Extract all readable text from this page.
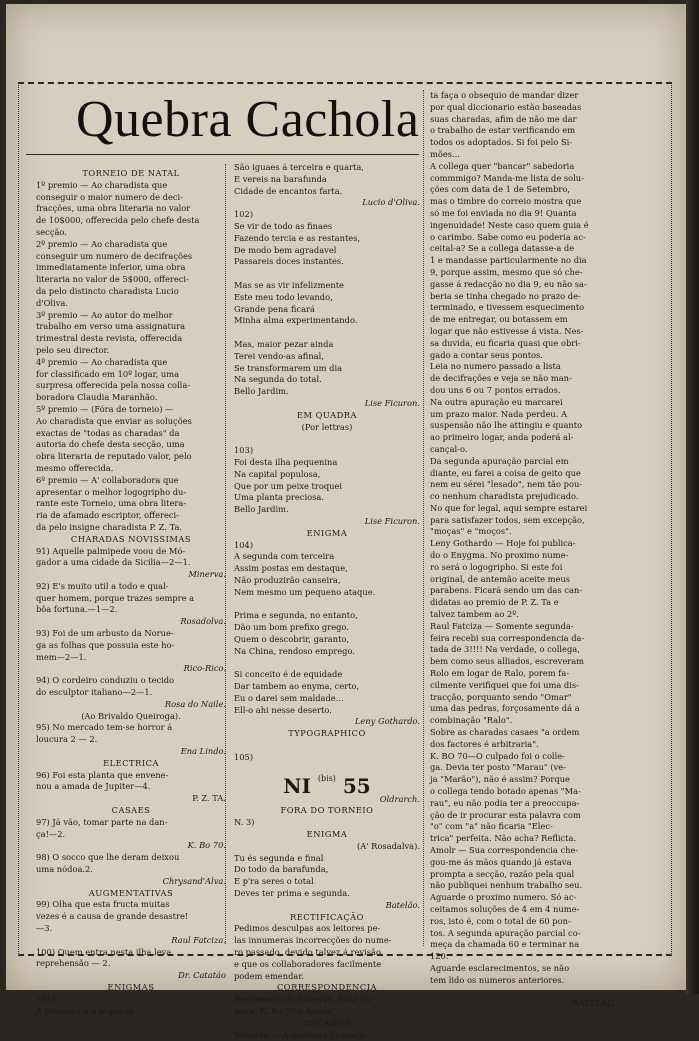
Quebra Cachola
TORNEIO DE NATAL
1º premio — Ao charadista que
conseguir o maior numero de deci-
fracções, uma obra literaria no valor
de 10$000, offerecida pelo chefe desta
secção.
2º premio — Ao charadista que
conseguir um numero de decifrações
immediatamente inferior, uma obra
literaria no valor de 5$000, offereci-
da pelo distincto charadista Lucio
d'Oliva.
3º premio — Ao autor do melhor
trabalho em verso uma assignatura
trimestral desta revista, offerecida
pelo seu director.
4º premio — Ao charadista que
for classificado em 10º logar, uma
surpresa offerecida pela nossa colla-
boradora Claudia Maranhão.
5º premio — (Fóra de torneio) —
Ao charadista que enviar as soluções
exactas de "todas as charadas" da
autoria do chefe desta secção, uma
obra literaria de reputado valor, pelo
mesmo offerecida.
6º premio — A' collaboradora que
apresentar o melhor logogripho du-
rante este Torneio, uma obra litera-
ria de afamado escriptor, offereci-
da pelo insigne charadista P. Z. Ta.
CHARADAS NOVISSIMAS
91) Aquelle palmipede voou de Mó-
gador a uma cidade da Sicilia—2—1.
Minerva.
92) E's muito util a todo e qual-
quer homem, porque trazes sempre a
bôa fortuna.—1—2.
Rosadolva.
93) Foi de um arbusto da Norue-
ga as folhas que possuia este ho-
mem—2—1.
Rico-Rico.
94) O cordeiro conduziu o tecido
do esculptor italiano—2—1.
Rosa do Naile.
(Ao Brivaldo Queiroga).
95) No mercado tem-se horror á
loucura 2 — 2.
Ena Lindo.
ELECTRICA
96) Foi esta planta que envene-
nou a amada de Jupiter—4.
P. Z. TA.
CASAES
97) Já vão, tomar parte na dan-
ça!—2.
K. Bo 70.
98) O socco que lhe deram deixou
uma nódoa.2.
Chrysand'Alva.
AUGMENTATIVAS
99) Olha que esta fructa muitas
vezes é a causa de grande desastre!
—3.
Raul Fatciza.
100) Quem entra nesta ilha leva
reprehensão — 2.
Dr. Catatáo
ENIGMAS
101)
A primeira e a segunda
São iguaes á terceira e quarta,
E vereis na barafunda
Cidade de encantos farta.
Lucio d'Oliva.
102)
Se vir de todo as finaes
Fazendo tercia e as restantes,
De modo bem agradavel
Passareis doces instantes.
Mas se as vir infelizmente
Este meu todo levando,
Grande pena ficará
Minha alma experimentando.
Mas, maior pezar ainda
Terei vendo-as afinal,
Se transformarem um dia
Na segunda do total.
Bello Jardim.
Lise Ficuron.
EM QUADRA
(Por lettras)
103)
Foi desta ilha pequenina
Na capital populosa,
Que por um peixe troquei
Uma planta preciosa.
Bello Jardim.
Lise Ficuron.
ENIGMA
104)
A segunda com terceira
Assim postas em destaque,
Não produzirão canseira,
Nem mesmo um pequeno ataque.
Prima e segunda, no entanto,
Dão um bom prefixo grego.
Quem o descobrir, garanto,
Na China, rendoso emprego.
Si conceito é de equidade
Dar tambem ao enyma, certo,
Eu o darei sem maldade...
Ell-o ahi nesse deserto.
Leny Gothardo.
TYPOGRAPHICO
105)
NI $^{(bis)}$ 55
Oldrarch.
FORA DO TORNEIO
N. 3)
ENIGMA
(A' Rosadalva).
Tu és segunda e final
Do todo da barafunda,
E p'ra seres o total
Deves ter prima e segunda.
Batelão.
RECTIFICAÇÃO
Pedimos desculpas aos leitores pe-
las innumeras incorrecções do nume-
ro passado, devido talvez á revisão,
e que os collaboradores facilmente
podem emendar.
CORRESPONDENCIA
Recebemos de Minerva, Raul Fa-
teixa, K. Bo 70 e Amolr.
RECADOS
Minerva — A distincta charadis-
ta faça o obsequio de mandar dizer
por qual diccionario estão baseadas
suas charadas, afim de não me dar
o trabalho de estar verificando em
todos os adoptados. Si foi pelo Si-
mões...
A collega quer "bancar" sabedoria
commmigo? Manda-me lista de solu-
ções com data de 1 de Setembro,
mas o timbre do correio mostra que
só me foi enviada no dia 9! Quanta
ingenuidade! Neste caso quem guia é
o carimbo. Sabe como eu poderia ac-
ceital-a? Se a collega datasse-a de
1 e mandasse particularmente no dia
9, porque assim, mesmo que só che-
gasse á redacção no dia 9, eu não sa-
beria se tinha chegado no prazo de-
terminado, e tivessem esquecimento
de me entregar, ou botassem em
logar que não estivesse á vista. Nes-
sa duvida, eu ficaria quasi que obri-
gado a contar seus pontos.
Leia no numero passado a lista
de decifrações e veja se não man-
dou uns 6 ou 7 pontos errados.
Na outra apuração eu marcarei
um prazo maior. Nada perdeu. A
suspensão não lhe attingiu e quanto
ao primeiro logar, anda poderá al-
cançal-o.
Da segunda apuração parcial em
diante, eu farei a coisa de geito que
nem eu sérei "lesado", nem tão pou-
co nenhum charadista prejudicado.
No que for legal, aqui sempre estarei
para satisfazer todos, sem excepção,
"moças" e "moços".
Leny Gothardo — Hoje foi publica-
do o Enygma. No proximo nume-
ro será o logogripho. Si este foi
original, de antemão aceite meus
parabens. Ficará sendo um das can-
didatas ao premio de P. Z. Ta e
talvez tambem ao 2º.
Raul Fatciza — Somente segunda-
feira recebi sua correspondencia da-
tada de 3!!!! Na verdade, o collega,
bem como seus alliados, escreveram
Rolo em logar de Ralo, porem fa-
cilmente verifiquei que foi uma dis-
tracção, porquanto sendo "Omar"
uma das pedras, forçosamente dá a
combinação "Ralo".
Sobre as charadas casaes "a ordem
dos factores é arbitraria".
K. BO 70—O culpado foi o colle-
ga. Devia ter posto "Marau" (ve-
ja "Marão"), não é assim? Porque
o collega tendo botado apenas "Ma-
rau", eu não podia ter a preoccupa-
ção de ir procurar esta palavra com
"o" com "a" não ficaria "Elec-
trica" perfeita. Não acha? Reflicta.
Amolr — Sua correspondencia che-
gou-me ás mãos quando já estava
prompta a secção, razão pela qual
não publiquei nenhum trabalho seu.
Aguarde o proximo numero. Só ac-
ceitamos soluções de 4 em 4 nume-
ros, isto é, com o total de 60 pon-
tos. A segunda apuração parcial co-
meça da chamada 60 e terminar na
120.
Aguarde esclarecimentos, se não
tem lido os numeros anteriores.
BATELÃO.
